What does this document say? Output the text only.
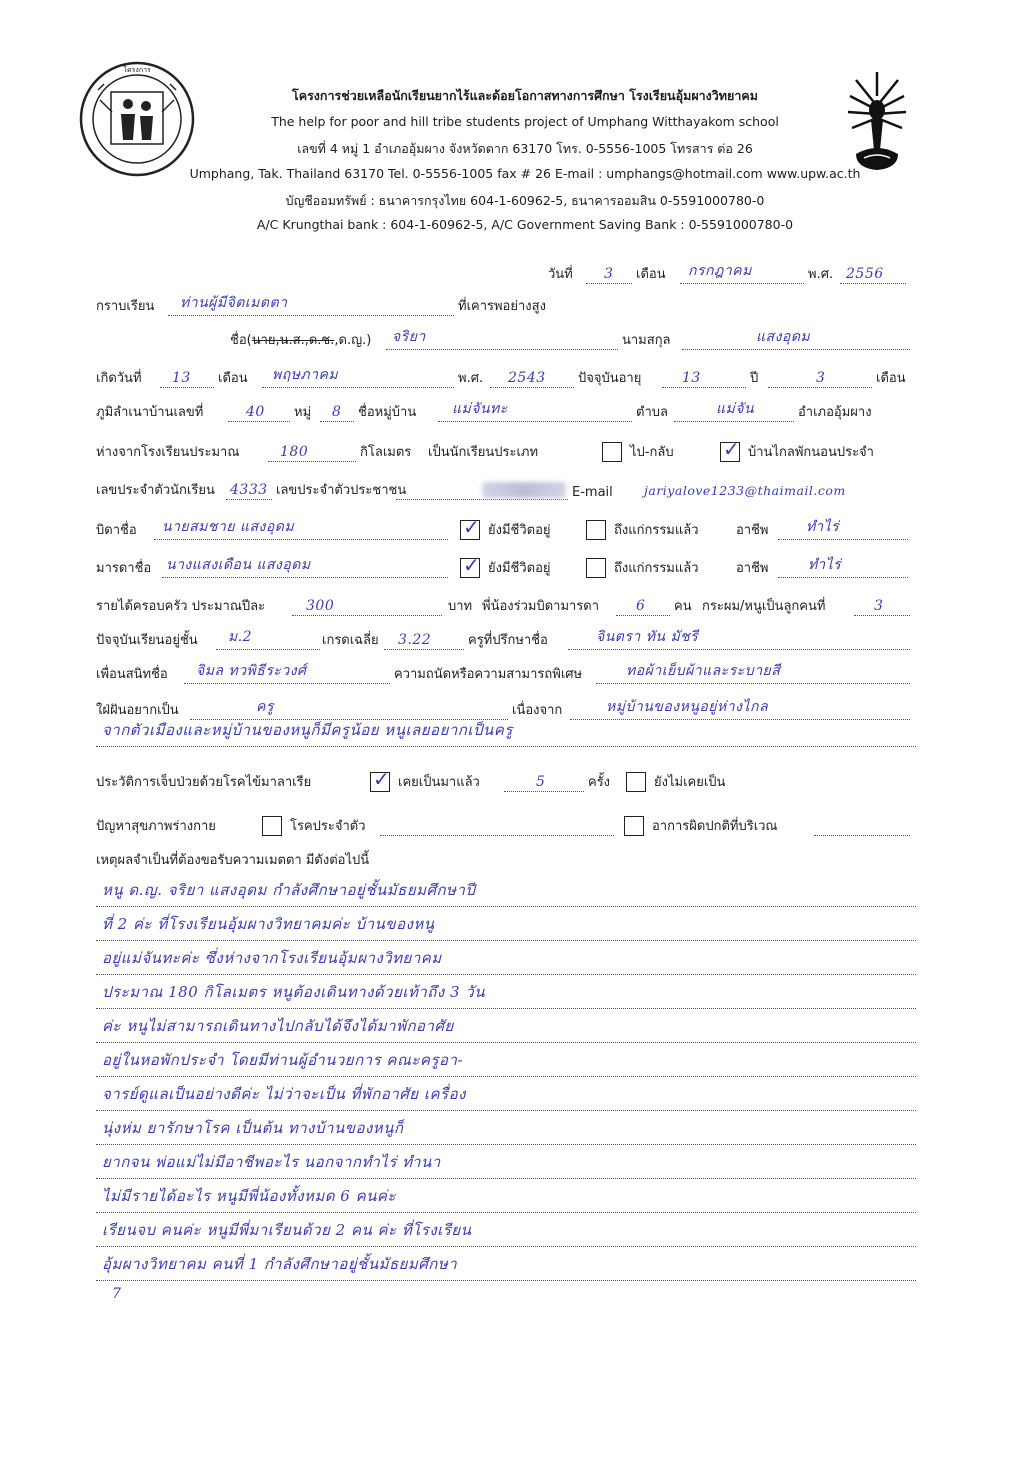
โครงการ
โครงการช่วยเหลือนักเรียนยากไร้และด้อยโอกาสทางการศึกษา โรงเรียนอุ้มผางวิทยาคม
The help for poor and hill tribe students project of Umphang Witthayakom school
เลขที่ 4 หมู่ 1 อำเภออุ้มผาง จังหวัดตาก 63170 โทร. 0-5556-1005 โทรสาร ต่อ 26
Umphang, Tak. Thailand 63170 Tel. 0-5556-1005 fax # 26 E-mail : umphangs@hotmail.com www.upw.ac.th
บัญชีออมทรัพย์ : ธนาคารกรุงไทย 604-1-60962-5, ธนาคารออมสิน 0-5591000780-0
A/C Krungthai bank : 604-1-60962-5, A/C Government Saving Bank : 0-5591000780-0
วันที่ 3 เดือน กรกฎาคม	พ.ศ. 2556
กราบเรียน ท่านผู้มีจิตเมตตา	ที่เคารพอย่างสูง
ชื่อ(นาย,น.ส.,ด.ช.,ด.ญ.) จริยา	นามสกุล	แสงอุดม
เกิดวันที่ 13 เดือน พฤษภาคม	พ.ศ. 2543 ปัจจุบันอายุ	13	ปี	3	เดือน
ภูมิลำเนาบ้านเลขที่	40 หมู่ 8 ชื่อหมู่บ้าน	แม่จันทะ	ตำบล	แม่จัน	อำเภออุ้มผาง
ห่างจากโรงเรียนประมาณ	180	กิโลเมตร เป็นนักเรียนประเภท	ไป-กลับ ✓ บ้านไกลพักนอนประจำ
เลขประจำตัวนักเรียน 4333 เลขประจำตัวประชาชน	E-mail jariyalove1233@thaimail.com
บิดาชื่อ นายสมชาย แสงอุดม	✓ ยังมีชีวิตอยู่	ถึงแก่กรรมแล้ว	อาชีพ	ทำไร่
มารดาชื่อ นางแสงเดือน แสงอุดม	✓ ยังมีชีวิตอยู่	ถึงแก่กรรมแล้ว	อาชีพ	ทำไร่
รายได้ครอบครัว ประมาณปีละ	300	บาท พี่น้องร่วมบิดามารดา	6 คน กระผม/หนูเป็นลูกคนที่	3
ปัจจุบันเรียนอยู่ชั้น ม.2	เกรดเฉลี่ย 3.22	ครูที่ปรึกษาชื่อ	จินตรา ทัน มัชรี
เพื่อนสนิทชื่อ จิมล ทวพิธีระวงศ์	ความถนัดหรือความสามารถพิเศษ	ทอผ้าเย็บผ้าและระบายสี
ใฝ่ฝันอยากเป็น	ครู	เนื่องจาก	หมู่บ้านของหนูอยู่ห่างไกล
จากตัวเมืองและหมู่บ้านของหนูก็มีครูน้อย หนูเลยอยากเป็นครู
ประวัติการเจ็บป่วยด้วยโรคไข้มาลาเรีย	✓ เคยเป็นมาแล้ว	5	ครั้ง	ยังไม่เคยเป็น
ปัญหาสุขภาพร่างกาย	โรคประจำตัว	อาการผิดปกติที่บริเวณ
เหตุผลจำเป็นที่ต้องขอรับความเมตตา มีดังต่อไปนี้
หนู ด.ญ. จริยา แสงอุดม กำลังศึกษาอยู่ชั้นมัธยมศึกษาปี
ที่ 2 ค่ะ ที่โรงเรียนอุ้มผางวิทยาคมค่ะ บ้านของหนู
อยู่แม่จันทะค่ะ ซึ่งห่างจากโรงเรียนอุ้มผางวิทยาคม
ประมาณ 180 กิโลเมตร หนูต้องเดินทางด้วยเท้าถึง 3 วัน
ค่ะ หนูไม่สามารถเดินทางไปกลับได้จึงได้มาพักอาศัย
อยู่ในหอพักประจำ โดยมีท่านผู้อำนวยการ คณะครูอา-
จารย์ดูแลเป็นอย่างดีค่ะ ไม่ว่าจะเป็น ที่พักอาศัย เครื่อง
นุ่งห่ม ยารักษาโรค เป็นต้น ทางบ้านของหนูก็
ยากจน พ่อแม่ไม่มีอาชีพอะไร นอกจากทำไร่ ทำนา
ไม่มีรายได้อะไร หนูมีพี่น้องทั้งหมด 6 คนค่ะ
เรียนจบ คนค่ะ หนูมีพี่มาเรียนด้วย 2 คน ค่ะ ที่โรงเรียน
อุ้มผางวิทยาคม คนที่ 1 กำลังศึกษาอยู่ชั้นมัธยมศึกษา
7
